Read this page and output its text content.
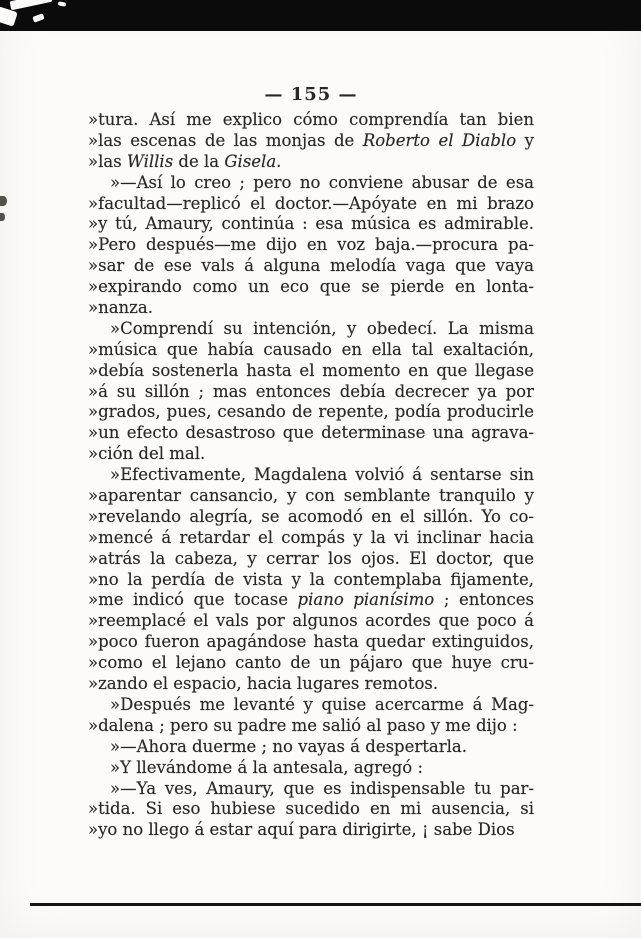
— 155 —

»tura. Así me explico cómo comprendía tan bien
»las escenas de las monjas de Roberto el Diablo y
»las Willis de la Gisela.

»—Así lo creo ; pero no conviene abusar de esa
»facultad—replicó el doctor.—Apóyate en mi brazo
»y tú, Amaury, continúa : esa música es admirable.
»Pero después—me dijo en voz baja.—procura pa-
»sar de ese vals á alguna melodía vaga que vaya
»expirando como un eco que se pierde en lonta-
»nanza.

»Comprendí su intención, y obedecí. La misma
»música que había causado en ella tal exaltación,
»debía sostenerla hasta el momento en que llegase
»á su sillón ; mas entonces debía decrecer ya por
»grados, pues, cesando de repente, podía producirle
»un efecto desastroso que determinase una agrava-
»ción del mal.

»Efectivamente, Magdalena volvió á sentarse sin
»aparentar cansancio, y con semblante tranquilo y
»revelando alegría, se acomodó en el sillón. Yo co-
»mencé á retardar el compás y la vi inclinar hacia
»atrás la cabeza, y cerrar los ojos. El doctor, que
»no la perdía de vista y la contemplaba fijamente,
»me indicó que tocase piano pianísimo ; entonces
»reemplacé el vals por algunos acordes que poco á
»poco fueron apagándose hasta quedar extinguidos,
»como el lejano canto de un pájaro que huye cru-
»zando el espacio, hacia lugares remotos.

»Después me levanté y quise acercarme á Mag-
»dalena ; pero su padre me salió al paso y me dijo :

»—Ahora duerme ; no vayas á despertarla.

»Y llevándome á la antesala, agregó :

»—Ya ves, Amaury, que es indispensable tu par-
»tida. Si eso hubiese sucedido en mi ausencia, si
»yo no llego á estar aquí para dirigirte, ¡ sabe Dios
